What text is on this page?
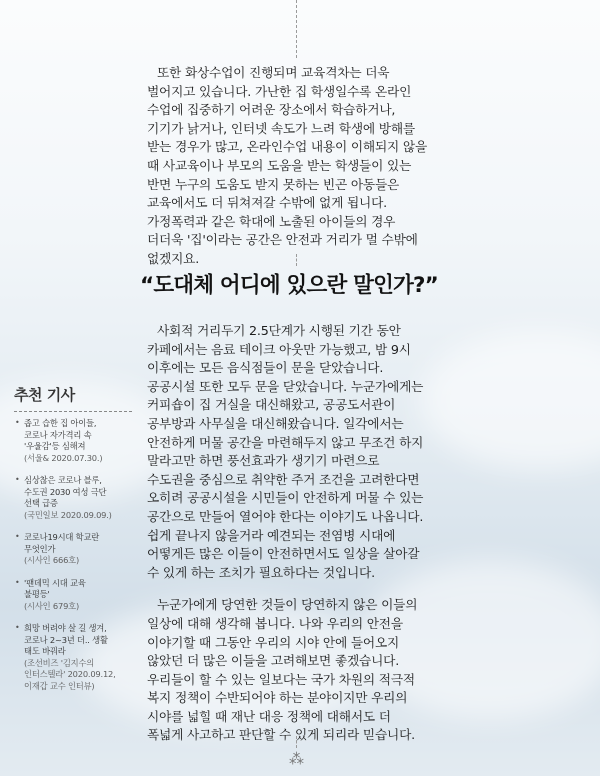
또한 화상수업이 진행되며 교육격차는 더욱
벌어지고 있습니다. 가난한 집 학생일수록 온라인
수업에 집중하기 어려운 장소에서 학습하거나,
기기가 낡거나, 인터넷 속도가 느려 학생에 방해를
받는 경우가 많고, 온라인수업 내용이 이해되지 않을
때 사교육이나 부모의 도움을 받는 학생들이 있는
반면 누구의 도움도 받지 못하는 빈곤 아동들은
교육에서도 더 뒤쳐져갈 수밖에 없게 됩니다.
가정폭력과 같은 학대에 노출된 아이들의 경우
더더욱 '집'이라는 공간은 안전과 거리가 멀 수밖에
없겠지요.

“도대체 어디에 있으란 말인가?”

사회적 거리두기 2.5단계가 시행된 기간 동안
카페에서는 음료 테이크 아웃만 가능했고, 밤 9시
이후에는 모든 음식점들이 문을 닫았습니다.
공공시설 또한 모두 문을 닫았습니다. 누군가에게는
커피숍이 집 거실을 대신해왔고, 공공도서관이
공부방과 사무실을 대신해왔습니다. 일각에서는
안전하게 머물 공간을 마련해두지 않고 무조건 하지
말라고만 하면 풍선효과가 생기기 마련으로
수도권을 중심으로 취약한 주거 조건을 고려한다면
오히려 공공시설을 시민들이 안전하게 머물 수 있는
공간으로 만들어 열어야 한다는 이야기도 나옵니다.
쉽게 끝나지 않을거라 예견되는 전염병 시대에
어떻게든 많은 이들이 안전하면서도 일상을 살아갈
수 있게 하는 조치가 필요하다는 것입니다.

누군가에게 당연한 것들이 당연하지 않은 이들의
일상에 대해 생각해 봅니다. 나와 우리의 안전을
이야기할 때 그동안 우리의 시야 안에 들어오지
않았던 더 많은 이들을 고려해보면 좋겠습니다.
우리들이 할 수 있는 일보다는 국가 차원의 적극적
복지 정책이 수반되어야 하는 분야이지만 우리의
시야를 넓힐 때 재난 대응 정책에 대해서도 더
폭넓게 사고하고 판단할 수 있게 되리라 믿습니다.

추천 기사
• 좁고 습한 집 아이들,
코로나 자가격리 속
'우울감'등 심해져
(서울& 2020.07.30.)
• 심상찮은 코로나 블루,
수도권 2030 여성 극단
선택 급증
(국민일보 2020.09.09.)
• 코로나19시대 학교란
무엇인가
(시사인 666호)
• '팬데믹 시대 교육
불평등'
(시사인 679호)
• 희망 버려야 살 길 생겨,
코로나 2~3년 더.. 생활
태도 바꿔라
(조선비즈 '김지수의
인터스텔라' 2020.09.12,
이재갑 교수 인터뷰)
⁂
